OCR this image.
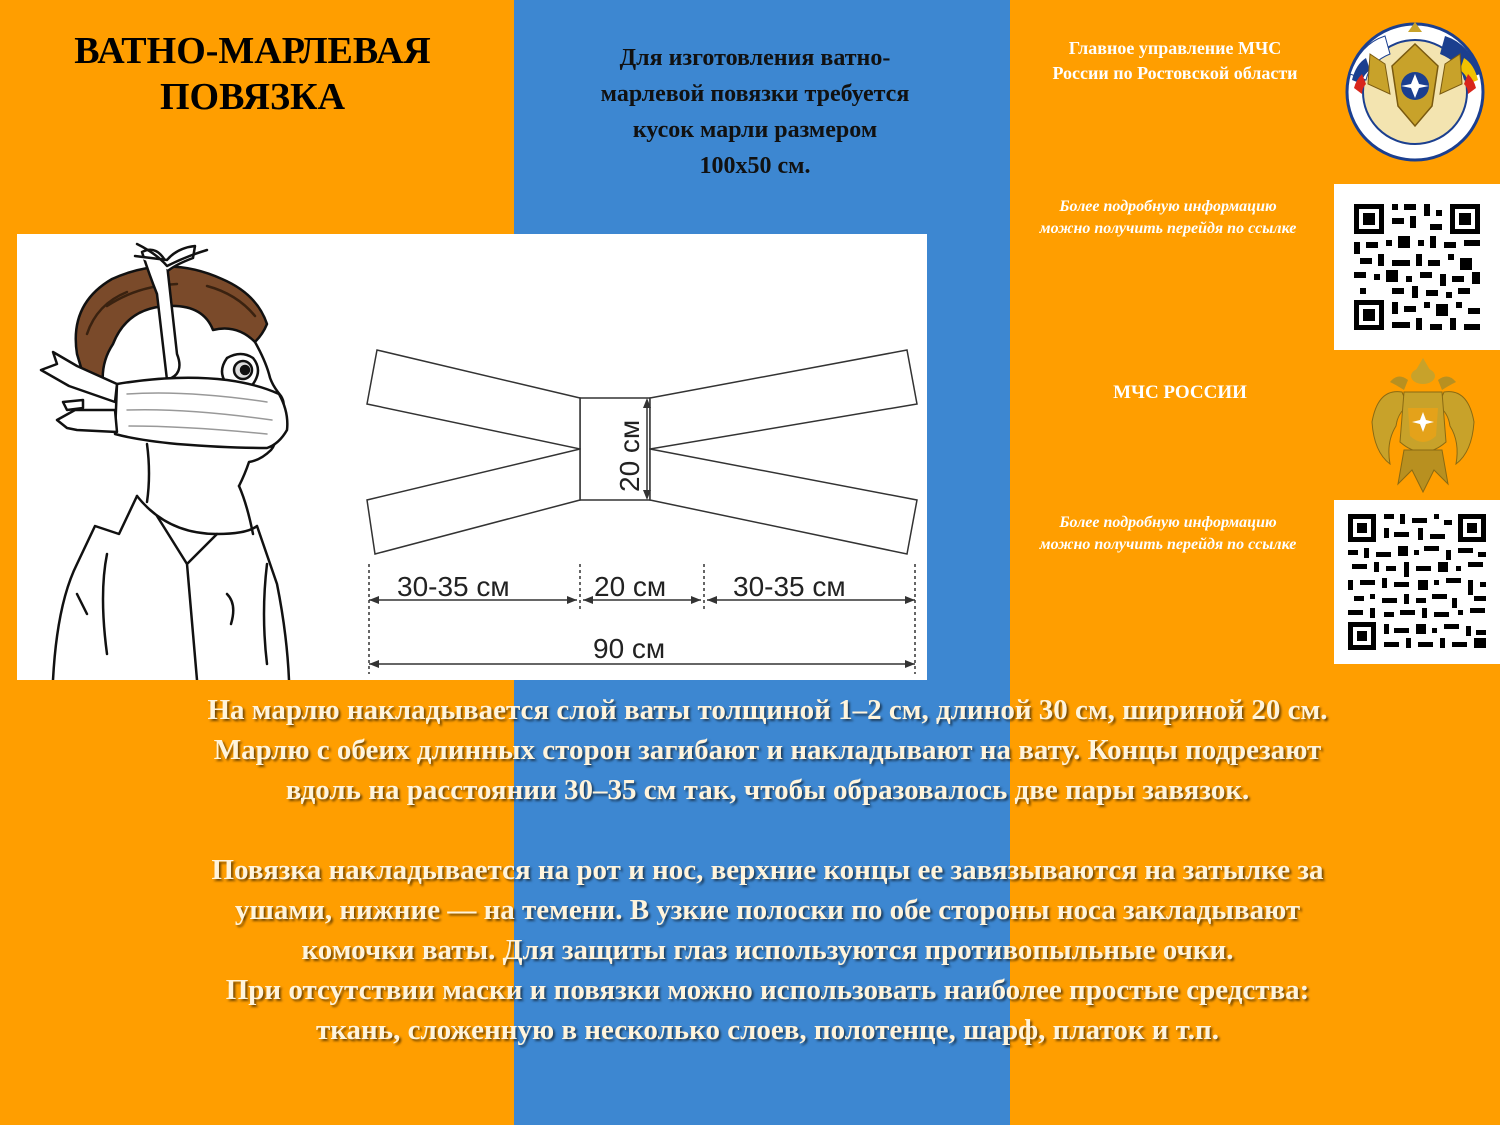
ВАТНО-МАРЛЕВАЯ
ПОВЯЗКА
Для изготовления ватно-
марлевой повязки требуется
кусок марли размером
100х50 см.
Главное управление МЧС
России по Ростовской области
Более подробную информацию можно получить перейдя по ссылке
МЧС РОССИИ
Более подробную информацию можно получить перейдя по ссылке
20 см
30-35 см	20 см 30-35 см
90 см

На марлю накладывается слой ваты толщиной 1–2 см, длиной 30 см, шириной 20 см.

Марлю с обеих длинных сторон загибают и накладывают на вату. Концы подрезают

вдоль на расстоянии 30–35 см так, чтобы образовалось две пары завязок.

Повязка накладывается на рот и нос, верхние концы ее завязываются на затылке за

ушами, нижние — на темени. В узкие полоски по обе стороны носа закладывают

комочки ваты. Для защиты глаз используются противопыльные очки.

При отсутствии маски и повязки можно использовать наиболее простые средства:

ткань, сложенную в несколько слоев, полотенце, шарф, платок и т.п.
